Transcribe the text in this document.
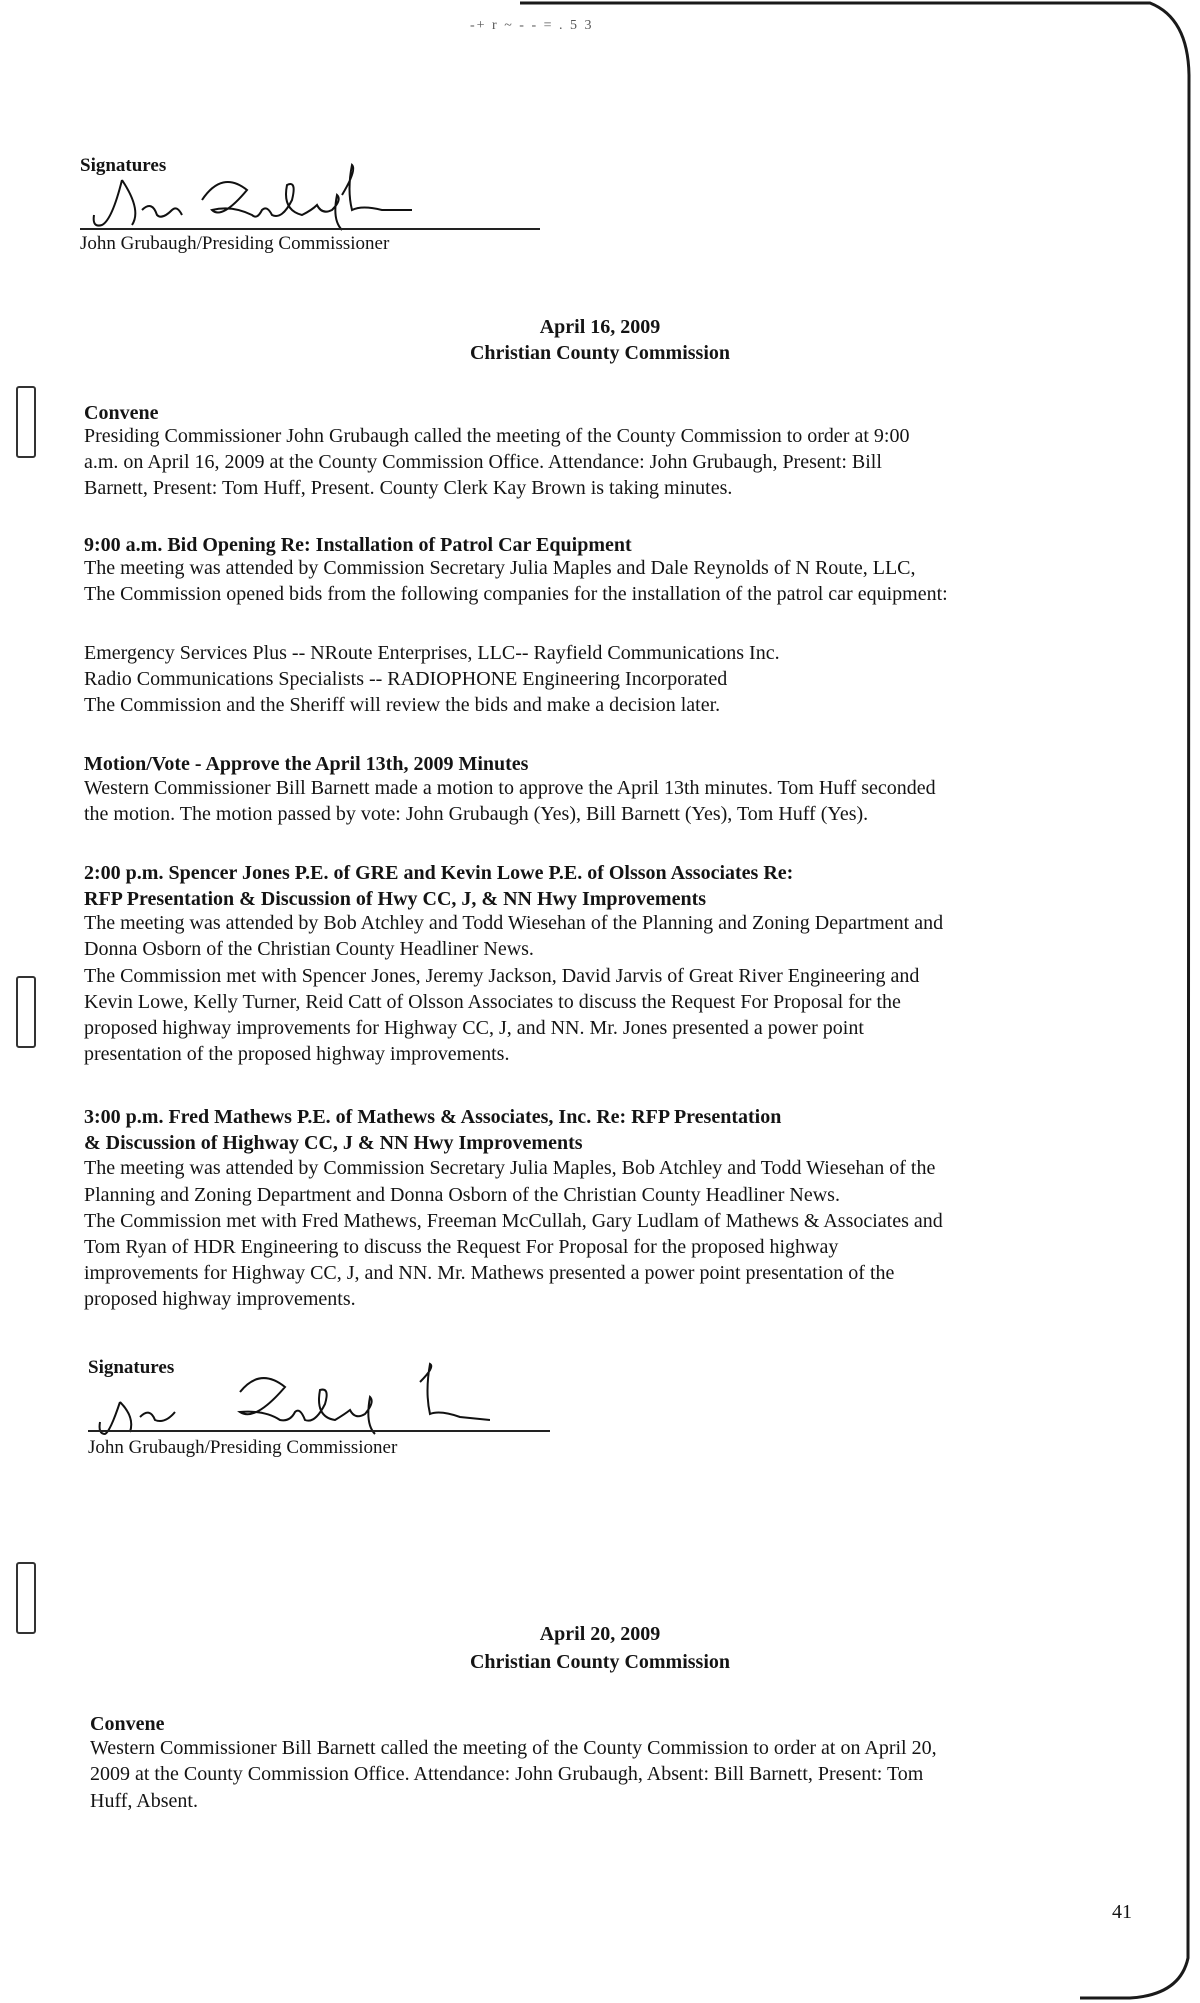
-+ r ~ - - = . 5 3
Signatures
John Grubaugh/Presiding Commissioner
April 16, 2009
Christian County Commission
Convene
Presiding Commissioner John Grubaugh called the meeting of the County Commission to order at 9:00
a.m. on April 16, 2009 at the County Commission Office. Attendance: John Grubaugh, Present: Bill
Barnett, Present: Tom Huff, Present. County Clerk Kay Brown is taking minutes.
9:00 a.m. Bid Opening Re: Installation of Patrol Car Equipment
The meeting was attended by Commission Secretary Julia Maples and Dale Reynolds of N Route, LLC,
The Commission opened bids from the following companies for the installation of the patrol car equipment:
Emergency Services Plus -- NRoute Enterprises, LLC-- Rayfield Communications Inc.
Radio Communications Specialists -- RADIOPHONE Engineering Incorporated
The Commission and the Sheriff will review the bids and make a decision later.
Motion/Vote - Approve the April 13th, 2009 Minutes
Western Commissioner Bill Barnett made a motion to approve the April 13th minutes. Tom Huff seconded
the motion. The motion passed by vote: John Grubaugh (Yes), Bill Barnett (Yes), Tom Huff (Yes).
2:00 p.m. Spencer Jones P.E. of GRE and Kevin Lowe P.E. of Olsson Associates Re:
RFP Presentation & Discussion of Hwy CC, J, & NN Hwy Improvements
The meeting was attended by Bob Atchley and Todd Wiesehan of the Planning and Zoning Department and
Donna Osborn of the Christian County Headliner News.
The Commission met with Spencer Jones, Jeremy Jackson, David Jarvis of Great River Engineering and
Kevin Lowe, Kelly Turner, Reid Catt of Olsson Associates to discuss the Request For Proposal for the
proposed highway improvements for Highway CC, J, and NN. Mr. Jones presented a power point
presentation of the proposed highway improvements.
3:00 p.m. Fred Mathews P.E. of Mathews & Associates, Inc. Re: RFP Presentation
& Discussion of Highway CC, J & NN Hwy Improvements
The meeting was attended by Commission Secretary Julia Maples, Bob Atchley and Todd Wiesehan of the
Planning and Zoning Department and Donna Osborn of the Christian County Headliner News.
The Commission met with Fred Mathews, Freeman McCullah, Gary Ludlam of Mathews & Associates and
Tom Ryan of HDR Engineering to discuss the Request For Proposal for the proposed highway
improvements for Highway CC, J, and NN. Mr. Mathews presented a power point presentation of the
proposed highway improvements.
Signatures
John Grubaugh/Presiding Commissioner
April 20, 2009
Christian County Commission
Convene
Western Commissioner Bill Barnett called the meeting of the County Commission to order at on April 20,
2009 at the County Commission Office. Attendance: John Grubaugh, Absent: Bill Barnett, Present: Tom
Huff, Absent.
41
